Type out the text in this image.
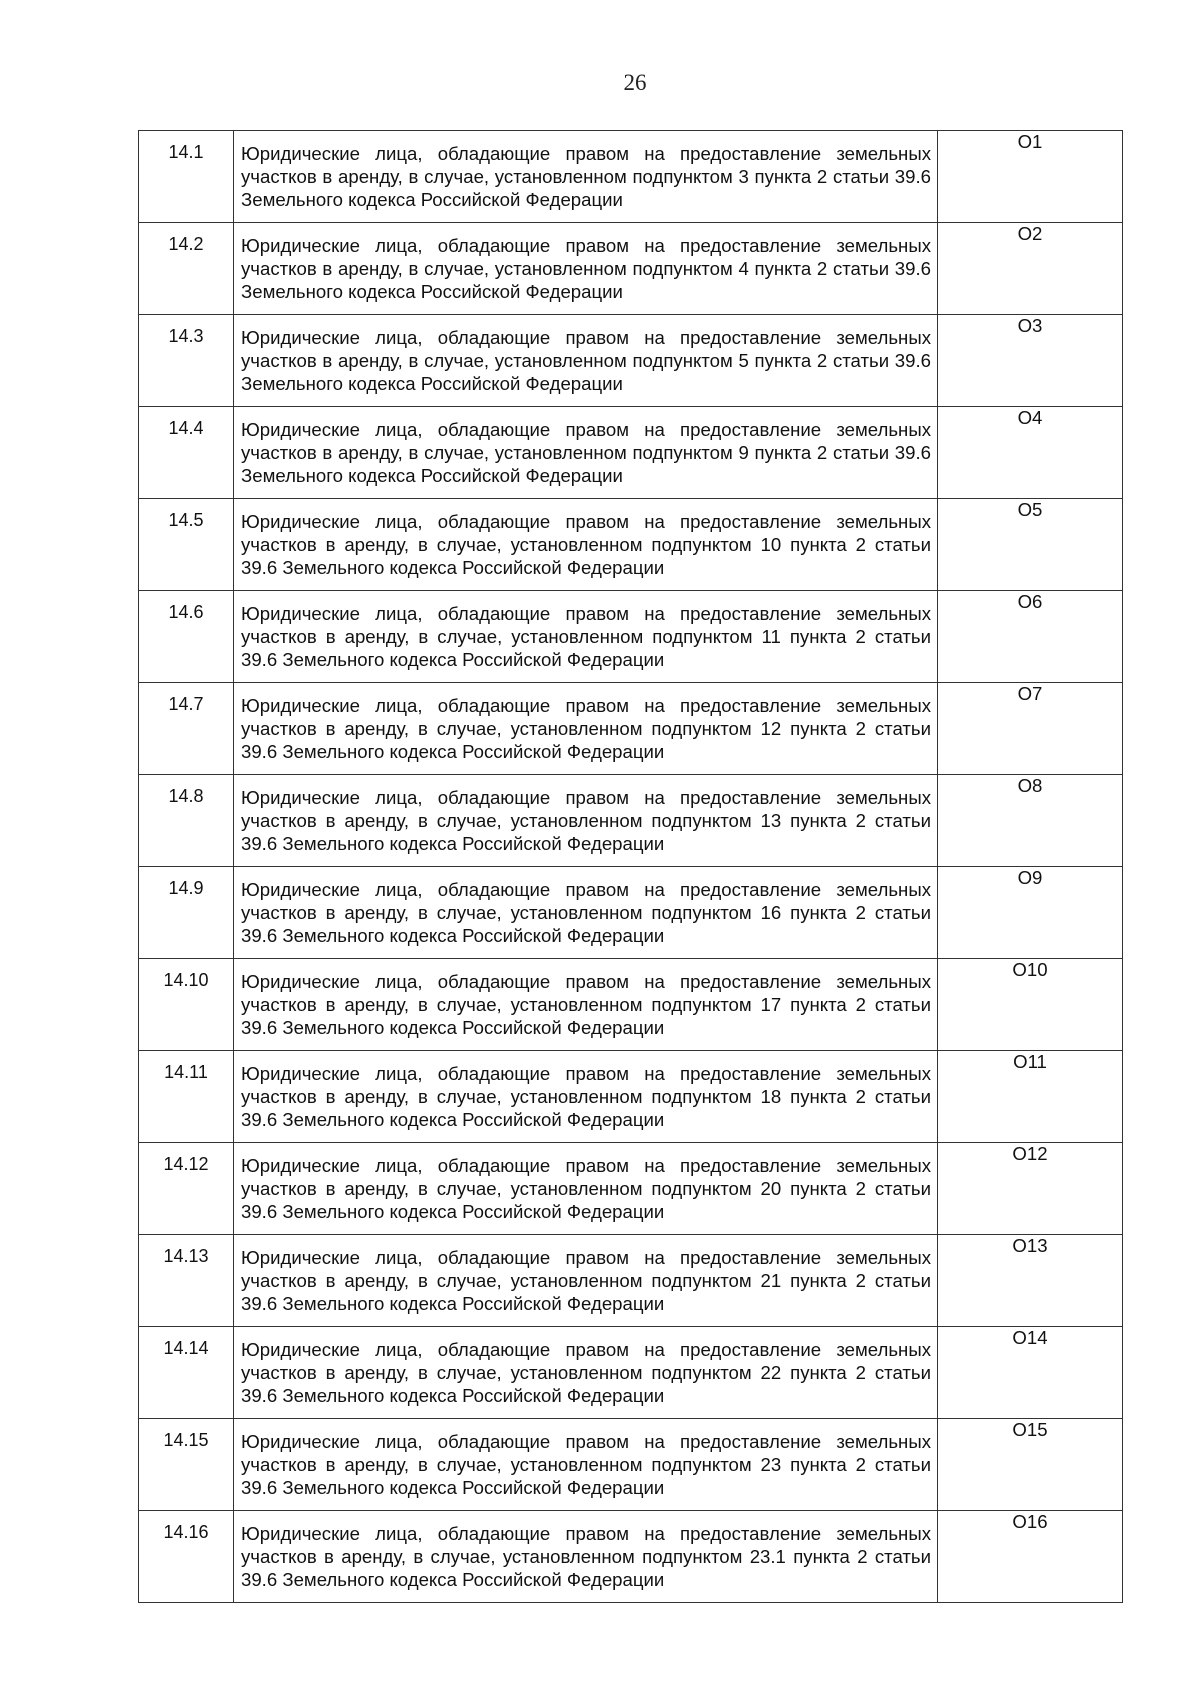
26
14.1	Юридические лица, обладающие правом на предоставление земельных участков в аренду, в случае, установленном подпунктом 3 пункта 2 статьи 39.6 Земельного кодекса Российской Федерации	О1
14.2	Юридические лица, обладающие правом на предоставление земельных участков в аренду, в случае, установленном подпунктом 4 пункта 2 статьи 39.6 Земельного кодекса Российской Федерации	О2
14.3	Юридические лица, обладающие правом на предоставление земельных участков в аренду, в случае, установленном подпунктом 5 пункта 2 статьи 39.6 Земельного кодекса Российской Федерации	О3
14.4	Юридические лица, обладающие правом на предоставление земельных участков в аренду, в случае, установленном подпунктом 9 пункта 2 статьи 39.6 Земельного кодекса Российской Федерации	О4
14.5	Юридические лица, обладающие правом на предоставление земельных участков в аренду, в случае, установленном подпунктом 10 пункта 2 статьи 39.6 Земельного кодекса Российской Федерации	О5
14.6	Юридические лица, обладающие правом на предоставление земельных участков в аренду, в случае, установленном подпунктом 11 пункта 2 статьи 39.6 Земельного кодекса Российской Федерации	О6
14.7	Юридические лица, обладающие правом на предоставление земельных участков в аренду, в случае, установленном подпунктом 12 пункта 2 статьи 39.6 Земельного кодекса Российской Федерации	О7
14.8	Юридические лица, обладающие правом на предоставление земельных участков в аренду, в случае, установленном подпунктом 13 пункта 2 статьи 39.6 Земельного кодекса Российской Федерации	О8
14.9	Юридические лица, обладающие правом на предоставление земельных участков в аренду, в случае, установленном подпунктом 16 пункта 2 статьи 39.6 Земельного кодекса Российской Федерации	О9
14.10	Юридические лица, обладающие правом на предоставление земельных участков в аренду, в случае, установленном подпунктом 17 пункта 2 статьи 39.6 Земельного кодекса Российской Федерации	О10
14.11	Юридические лица, обладающие правом на предоставление земельных участков в аренду, в случае, установленном подпунктом 18 пункта 2 статьи 39.6 Земельного кодекса Российской Федерации	О11
14.12	Юридические лица, обладающие правом на предоставление земельных участков в аренду, в случае, установленном подпунктом 20 пункта 2 статьи 39.6 Земельного кодекса Российской Федерации	О12
14.13	Юридические лица, обладающие правом на предоставление земельных участков в аренду, в случае, установленном подпунктом 21 пункта 2 статьи 39.6 Земельного кодекса Российской Федерации	О13
14.14	Юридические лица, обладающие правом на предоставление земельных участков в аренду, в случае, установленном подпунктом 22 пункта 2 статьи 39.6 Земельного кодекса Российской Федерации	О14
14.15	Юридические лица, обладающие правом на предоставление земельных участков в аренду, в случае, установленном подпунктом 23 пункта 2 статьи 39.6 Земельного кодекса Российской Федерации	О15
14.16	Юридические лица, обладающие правом на предоставление земельных участков в аренду, в случае, установленном подпунктом 23.1 пункта 2 статьи 39.6 Земельного кодекса Российской Федерации	О16
